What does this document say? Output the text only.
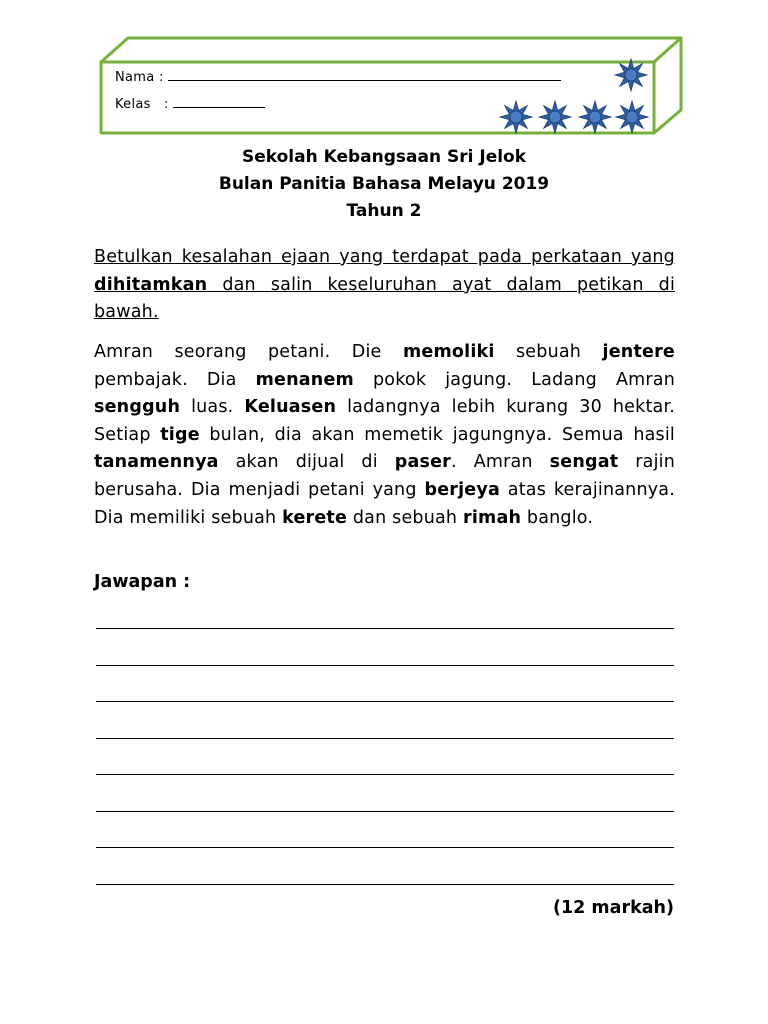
Nama :
Kelas   :
Sekolah Kebangsaan Sri Jelok
Bulan Panitia Bahasa Melayu 2019
Tahun 2
Betulkan kesalahan ejaan yang terdapat pada perkataan yang dihitamkan dan salin keseluruhan ayat dalam petikan di bawah.
Amran seorang petani. Die memoliki sebuah jentere pembajak. Dia menanem pokok jagung. Ladang Amran sengguh luas. Keluasen ladangnya lebih kurang 30 hektar. Setiap tige bulan, dia akan memetik jagungnya. Semua hasil tanamennya akan dijual di paser. Amran sengat rajin berusaha. Dia menjadi petani yang berjeya atas kerajinannya. Dia memiliki sebuah kerete dan sebuah rimah banglo.
Jawapan :
(12 markah)
